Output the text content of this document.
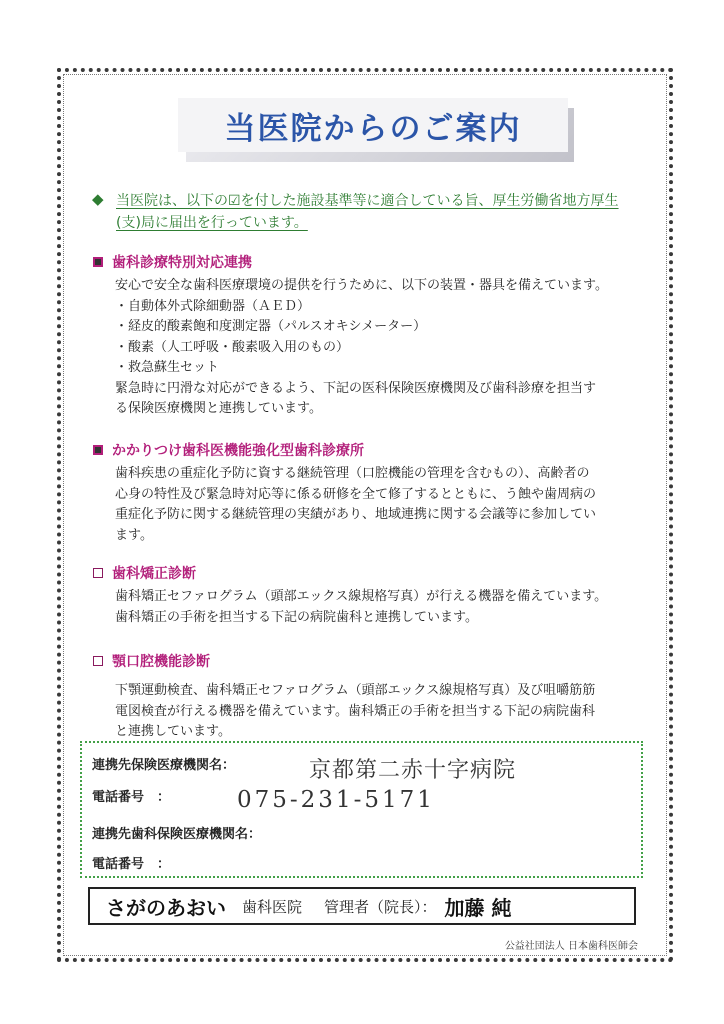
当医院からのご案内
◆ 当医院は、以下の☑を付した施設基準等に適合している旨、厚生労働省地方厚生
(支)局に届出を行っています。
歯科診療特別対応連携
安心で安全な歯科医療環境の提供を行うために、以下の装置・器具を備えています。
・自動体外式除細動器（ＡＥＤ）
・経皮的酸素飽和度測定器（パルスオキシメーター）
・酸素（人工呼吸・酸素吸入用のもの）
・救急蘇生セット
緊急時に円滑な対応ができるよう、下記の医科保険医療機関及び歯科診療を担当す
る保険医療機関と連携しています。
かかりつけ歯科医機能強化型歯科診療所
歯科疾患の重症化予防に資する継続管理（口腔機能の管理を含むもの）、高齢者の
心身の特性及び緊急時対応等に係る研修を全て修了するとともに、う蝕や歯周病の
重症化予防に関する継続管理の実績があり、地域連携に関する会議等に参加してい
ます。
歯科矯正診断
歯科矯正セファログラム（頭部エックス線規格写真）が行える機器を備えています。
歯科矯正の手術を担当する下記の病院歯科と連携しています。
顎口腔機能診断
下顎運動検査、歯科矯正セファログラム（頭部エックス線規格写真）及び咀嚼筋筋
電図検査が行える機器を備えています。歯科矯正の手術を担当する下記の病院歯科
と連携しています。
連携先保険医療機関名：	京都第二赤十字病院
電話番号　：	075-231-5171
連携先歯科保険医療機関名：
電話番号　：
さがのあおい 歯科医院 管理者（院長）： 加藤 純
公益社団法人 日本歯科医師会
